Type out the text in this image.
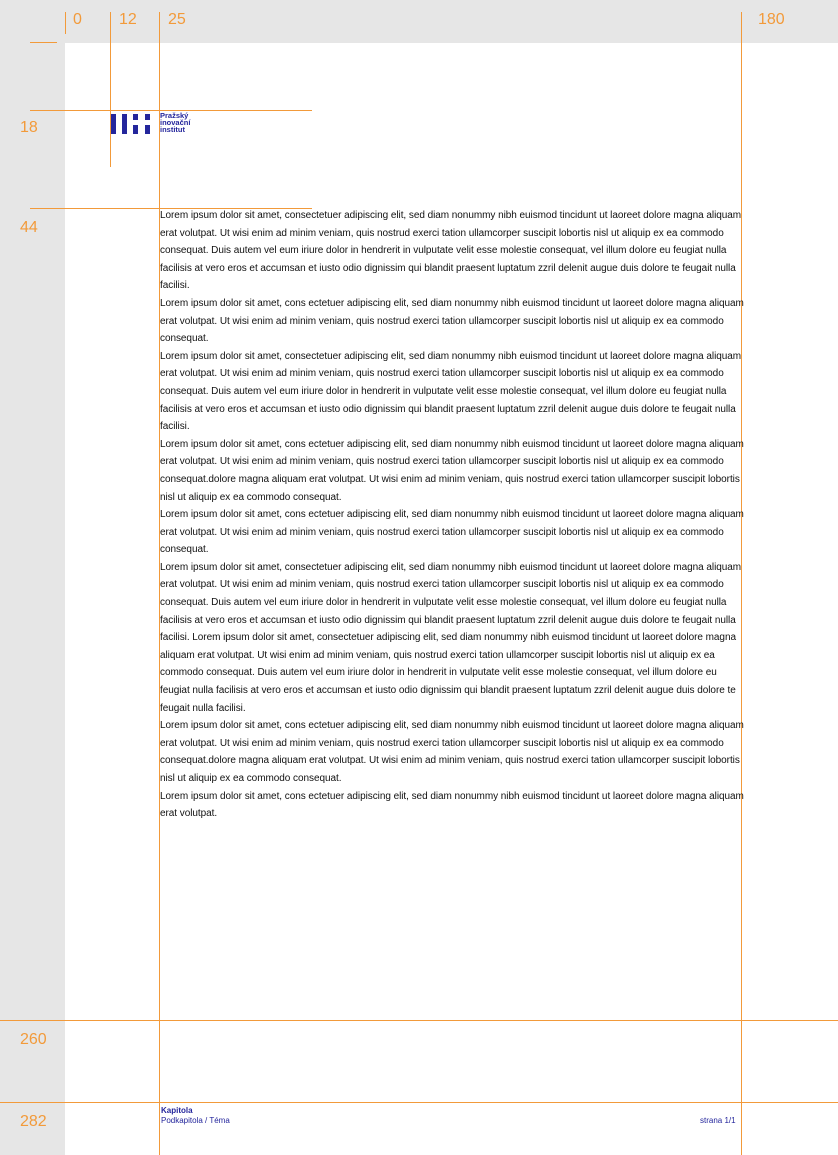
0 12 25	180
18
44
260
282
Pražský
inovační
institut

Lorem ipsum dolor sit amet, consectetuer adipiscing elit, sed diam nonummy nibh euismod tincidunt ut laoreet dolore magna aliquam erat volutpat. Ut wisi enim ad minim veniam, quis nostrud exerci tation ullamcorper suscipit lobortis nisl ut aliquip ex ea commodo consequat. Duis autem vel eum iriure dolor in hendrerit in vulputate velit esse molestie consequat, vel illum dolore eu feugiat nulla facilisis at vero eros et accumsan et iusto odio dignissim qui blandit praesent luptatum zzril delenit augue duis dolore te feugait nulla facilisi.

Lorem ipsum dolor sit amet, cons ectetuer adipiscing elit, sed diam nonummy nibh euismod tincidunt ut laoreet dolore magna aliquam erat volutpat. Ut wisi enim ad minim veniam, quis nostrud exerci tation ullamcorper suscipit lobortis nisl ut aliquip ex ea commodo consequat.

Lorem ipsum dolor sit amet, consectetuer adipiscing elit, sed diam nonummy nibh euismod tincidunt ut laoreet dolore magna aliquam erat volutpat. Ut wisi enim ad minim veniam, quis nostrud exerci tation ullamcorper suscipit lobortis nisl ut aliquip ex ea commodo consequat. Duis autem vel eum iriure dolor in hendrerit in vulputate velit esse molestie consequat, vel illum dolore eu feugiat nulla facilisis at vero eros et accumsan et iusto odio dignissim qui blandit praesent luptatum zzril delenit augue duis dolore te feugait nulla facilisi.

Lorem ipsum dolor sit amet, cons ectetuer adipiscing elit, sed diam nonummy nibh euismod tincidunt ut laoreet dolore magna aliquam erat volutpat. Ut wisi enim ad minim veniam, quis nostrud exerci tation ullamcorper suscipit lobortis nisl ut aliquip ex ea commodo consequat.dolore magna aliquam erat volutpat. Ut wisi enim ad minim veniam, quis nostrud exerci tation ullamcorper suscipit lobortis nisl ut aliquip ex ea commodo consequat.

Lorem ipsum dolor sit amet, cons ectetuer adipiscing elit, sed diam nonummy nibh euismod tincidunt ut laoreet dolore magna aliquam erat volutpat. Ut wisi enim ad minim veniam, quis nostrud exerci tation ullamcorper suscipit lobortis nisl ut aliquip ex ea commodo consequat.

Lorem ipsum dolor sit amet, consectetuer adipiscing elit, sed diam nonummy nibh euismod tincidunt ut laoreet dolore magna aliquam erat volutpat. Ut wisi enim ad minim veniam, quis nostrud exerci tation ullamcorper suscipit lobortis nisl ut aliquip ex ea commodo consequat. Duis autem vel eum iriure dolor in hendrerit in vulputate velit esse molestie consequat, vel illum dolore eu feugiat nulla facilisis at vero eros et accumsan et iusto odio dignissim qui blandit praesent luptatum zzril delenit augue duis dolore te feugait nulla facilisi. Lorem ipsum dolor sit amet, consectetuer adipiscing elit, sed diam nonummy nibh euismod tincidunt ut laoreet dolore magna aliquam erat volutpat. Ut wisi enim ad minim veniam, quis nostrud exerci tation ullamcorper suscipit lobortis nisl ut aliquip ex ea commodo consequat. Duis autem vel eum iriure dolor in hendrerit in vulputate velit esse molestie consequat, vel illum dolore eu feugiat nulla facilisis at vero eros et accumsan et iusto odio dignissim qui blandit praesent luptatum zzril delenit augue duis dolore te feugait nulla facilisi.

Lorem ipsum dolor sit amet, cons ectetuer adipiscing elit, sed diam nonummy nibh euismod tincidunt ut laoreet dolore magna aliquam erat volutpat. Ut wisi enim ad minim veniam, quis nostrud exerci tation ullamcorper suscipit lobortis nisl ut aliquip ex ea commodo consequat.dolore magna aliquam erat volutpat. Ut wisi enim ad minim veniam, quis nostrud exerci tation ullamcorper suscipit lobortis nisl ut aliquip ex ea commodo consequat.

Lorem ipsum dolor sit amet, cons ectetuer adipiscing elit, sed diam nonummy nibh euismod tincidunt ut laoreet dolore magna aliquam erat volutpat.

Kapitola
Podkapitola / Téma	strana 1/1
